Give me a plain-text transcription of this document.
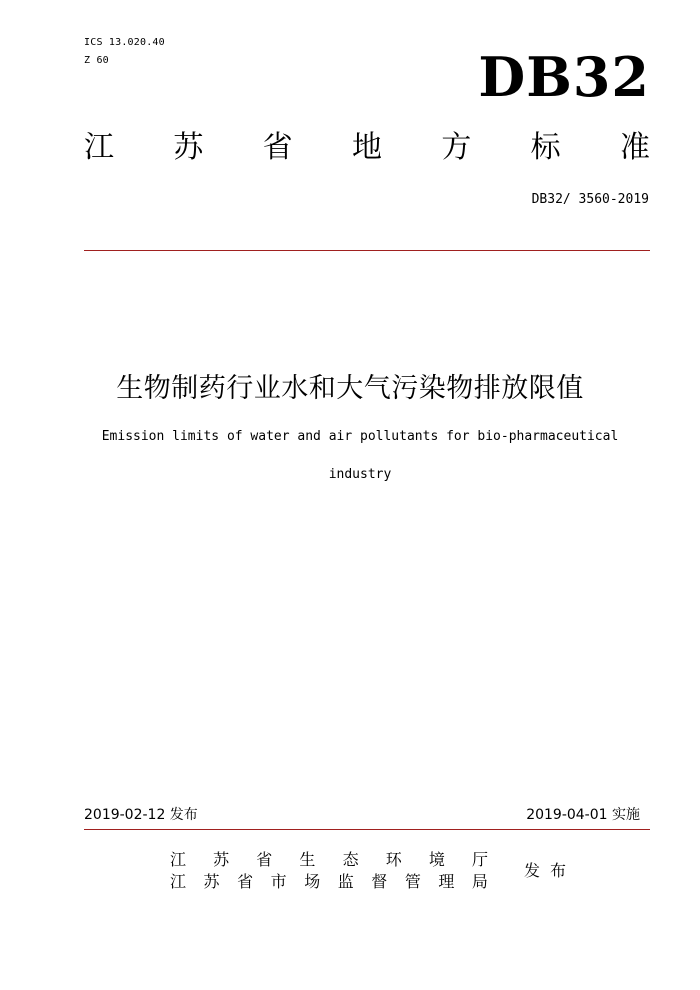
ICS 13.020.40
Z 60	DB32
江 苏 省 地 方 标 准
DB32/ 3560-2019
生物制药行业水和大气污染物排放限值
Emission limits of water and air pollutants for bio-pharmaceutical
industry
2019-02-12 发布	2019-04-01 实施
江 苏 省 生 态 环 境 厅
江 苏 省 市 场 监 督 管 理 局
发 布
